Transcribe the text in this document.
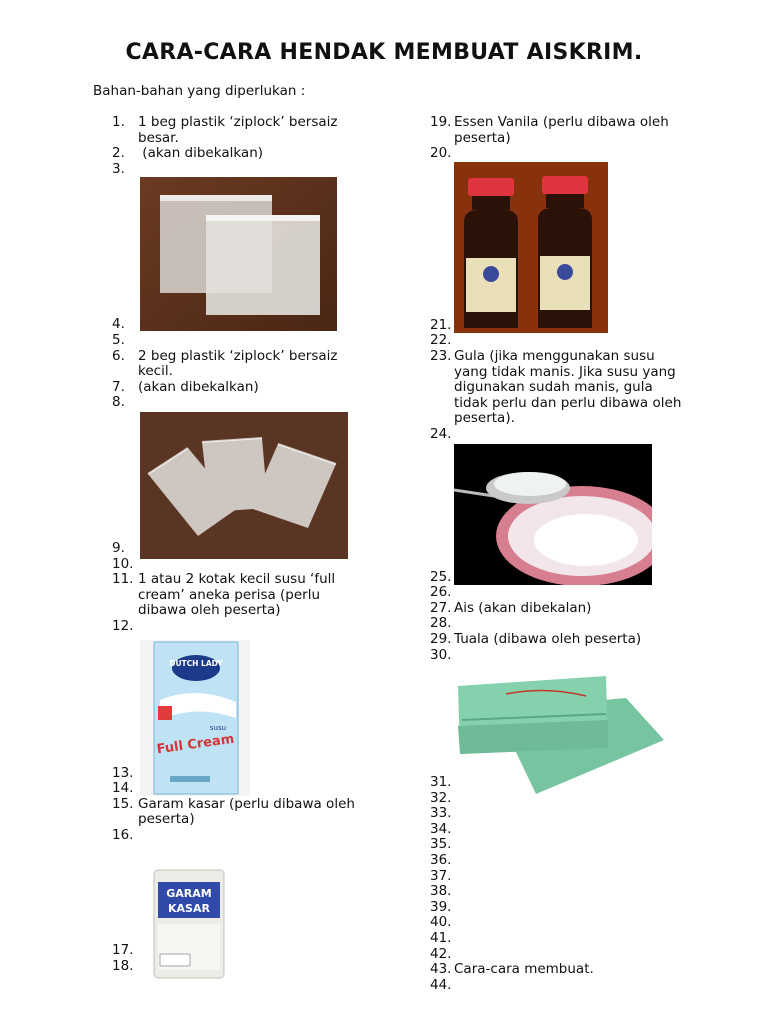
CARA-CARA HENDAK MEMBUAT AISKRIM.
Bahan-bahan yang diperlukan :
1. 1 beg plastik ‘ziplock’ bersaiz besar.
2. (akan dibekalkan)
3.
4.
5.
6. 2 beg plastik ‘ziplock’ bersaiz kecil.
7. (akan dibekalkan)
8.
9.
10.
11. 1 atau 2 kotak kecil susu ‘full cream’ aneka perisa (perlu dibawa oleh peserta)
12.
13.
14.
15. Garam kasar (perlu dibawa oleh peserta)
16.
17.
18.
19. Essen Vanila (perlu dibawa oleh peserta)
20.
21.
22.
23. Gula (jika menggunakan susu yang tidak manis. Jika susu yang digunakan sudah manis, gula tidak perlu dan perlu dibawa oleh peserta).
24.
25.
26.
27. Ais (akan dibekalan)
28.
29. Tuala (dibawa oleh peserta)
30.
31.
32.
33.
34.
35.
36.
37.
38.
39.
40.
41.
42.
43. Cara-cara membuat.
44.
DUTCH LADY
susu
Full Cream
GARAM
KASAR
